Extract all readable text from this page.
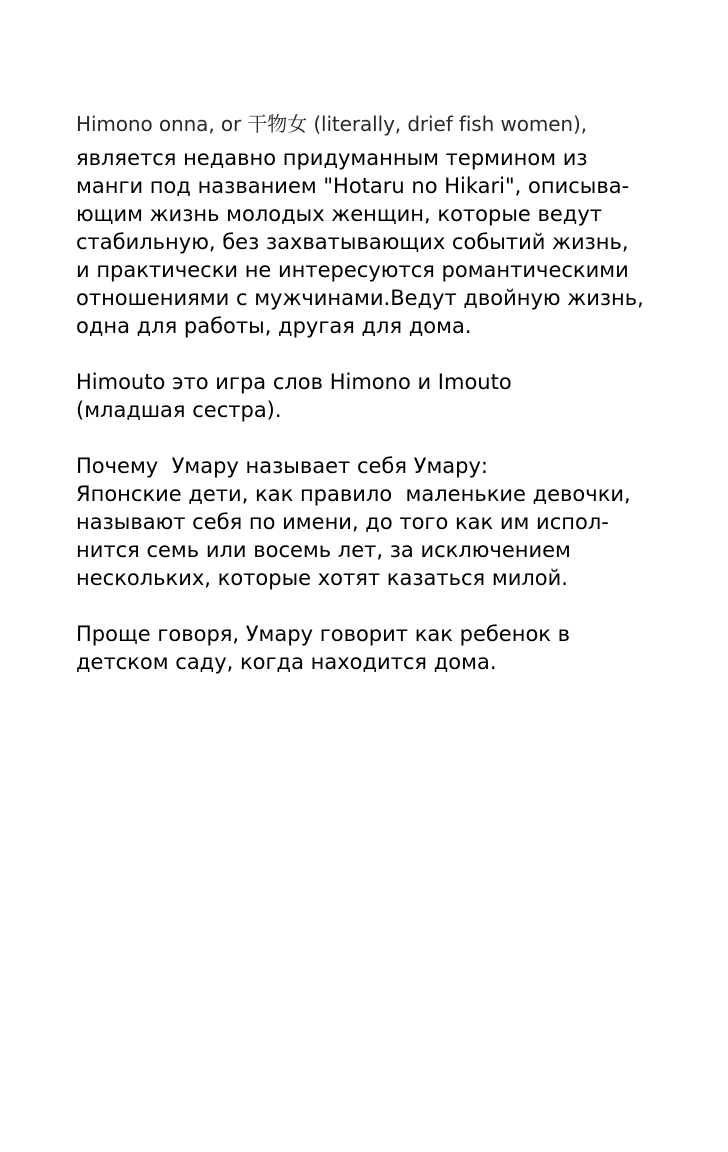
Himono onna, or 干物女 (literally, drief fish women),
является недавно придуманным термином из
манги под названием "Hotaru no Hikari", описыва-
ющим жизнь молодых женщин, которые ведут
стабильную, без захватывающих событий жизнь,
и практически не интересуются романтическими
отношениями с мужчинами.Ведут двойную жизнь,
одна для работы, другая для дома.
Himouto это игра слов Himono и Imouto
(младшая сестра).
Почему  Умару называет себя Умару:
Японские дети, как правило  маленькие девочки,
называют себя по имени, до того как им испол-
нится семь или восемь лет, за исключением
нескольких, которые хотят казаться милой.
Проще говоря, Умару говорит как ребенок в
детском саду, когда находится дома.
